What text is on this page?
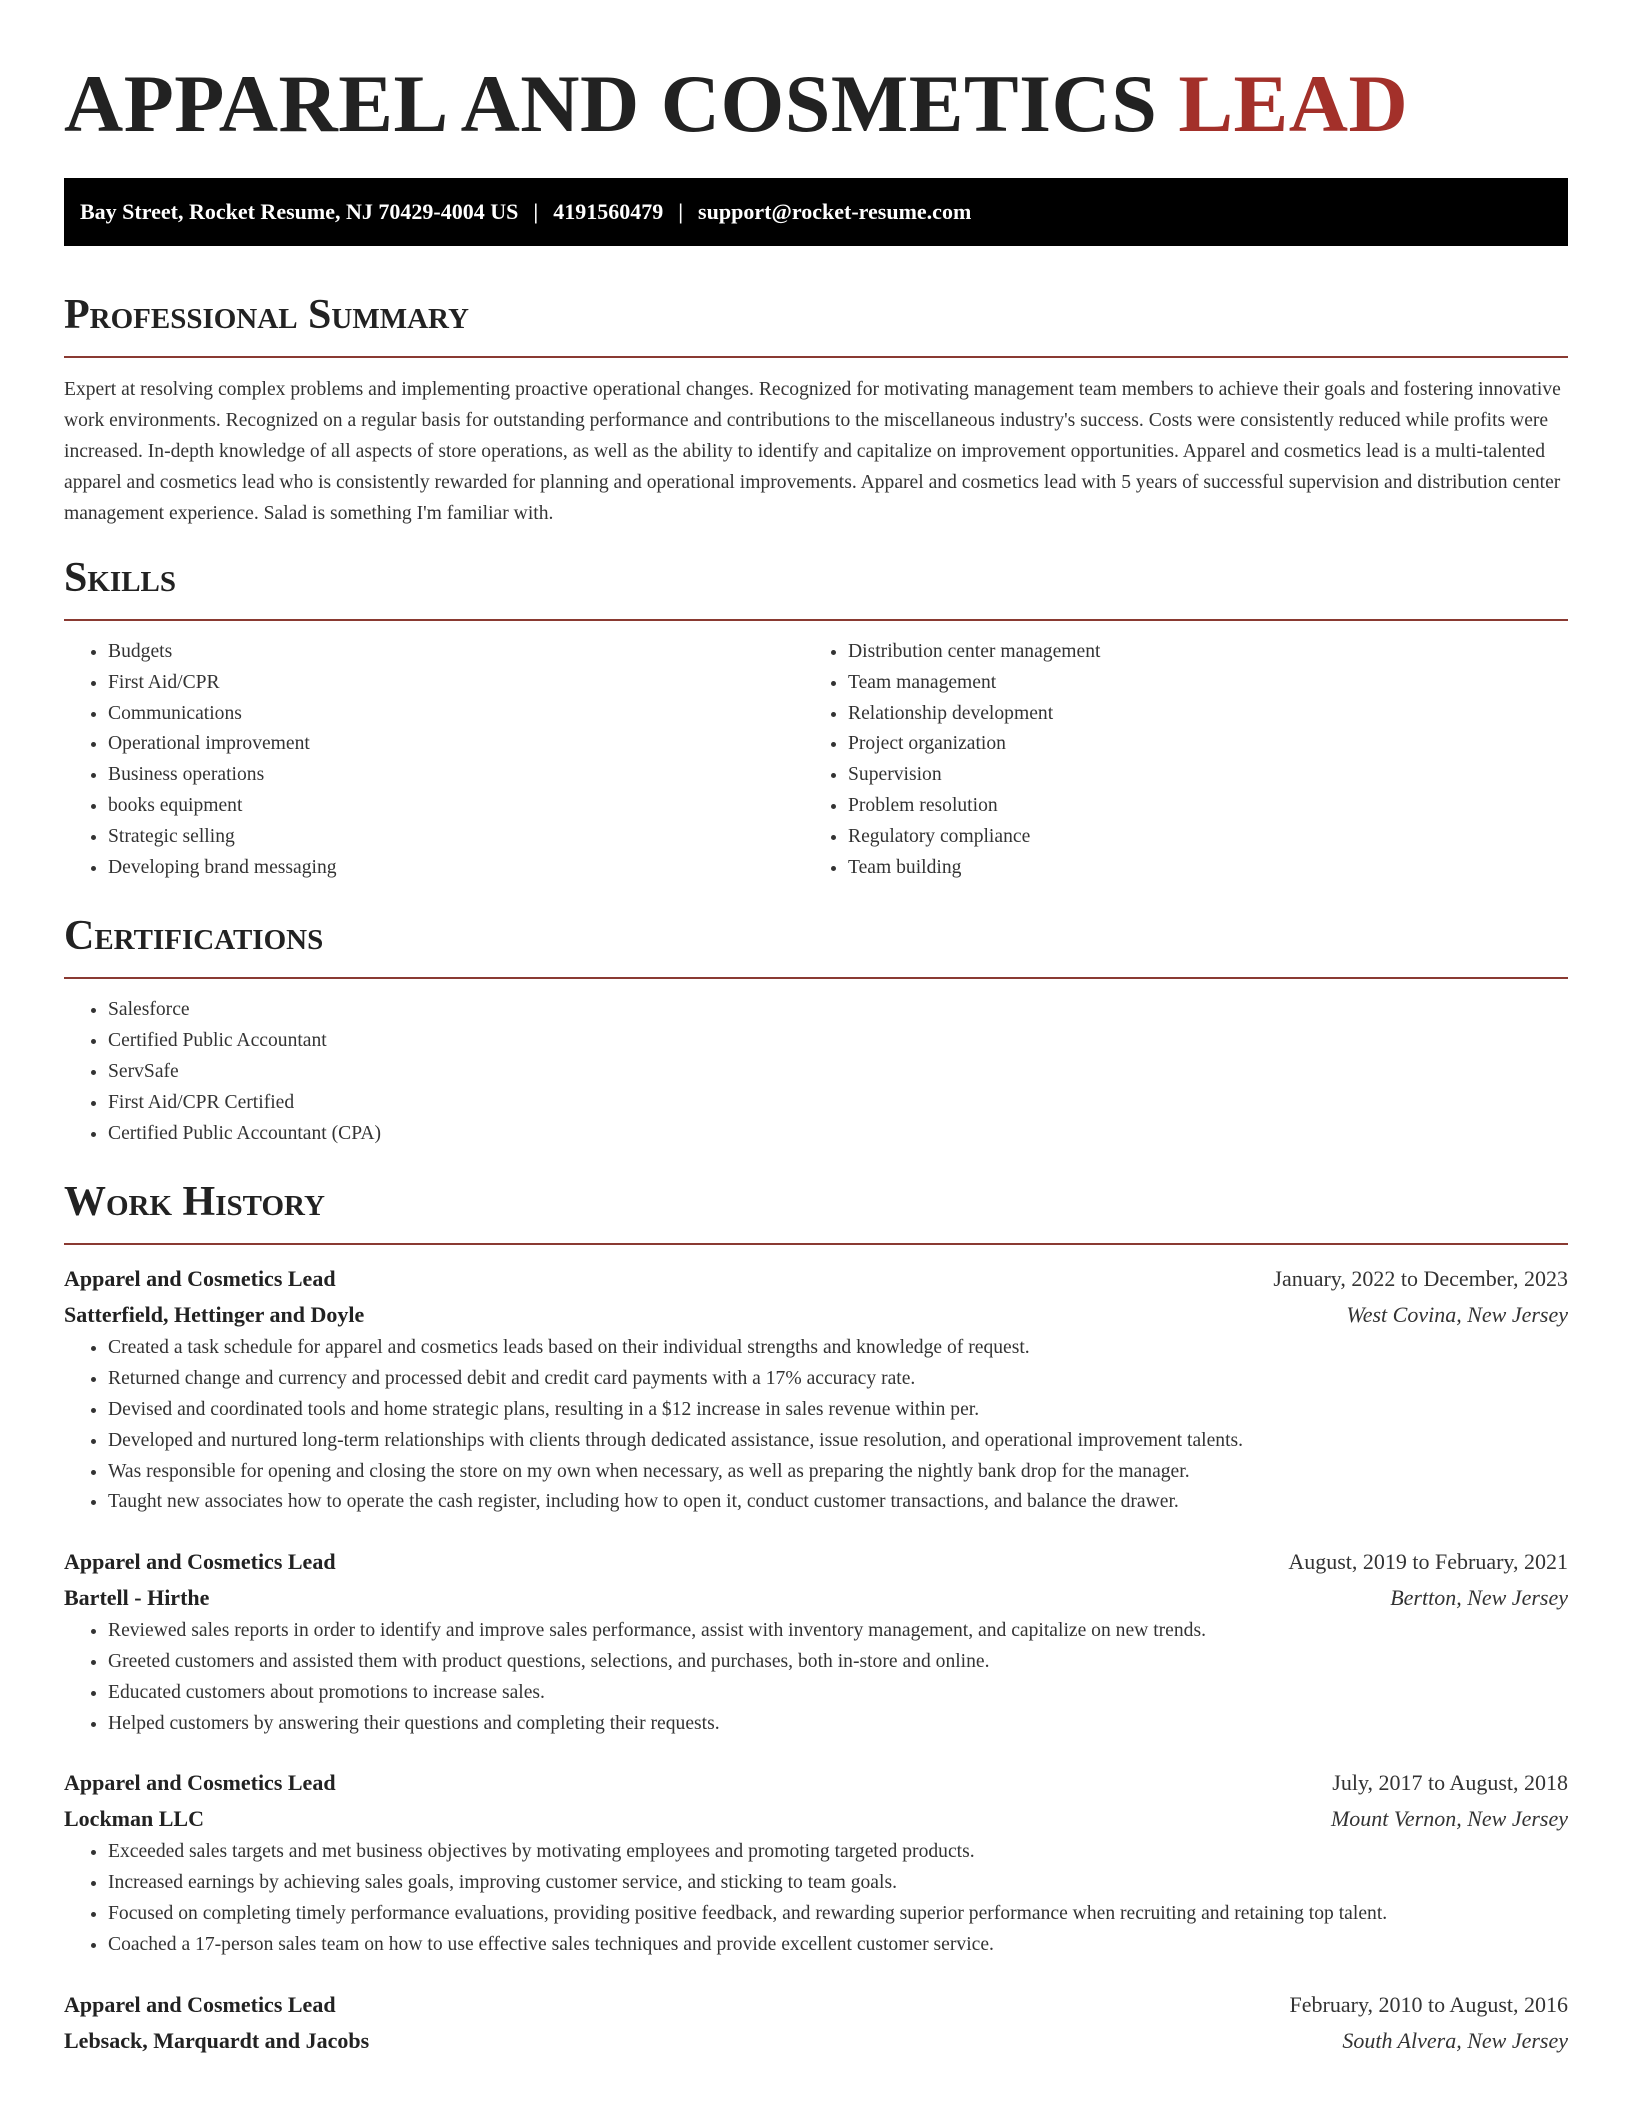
APPAREL AND COSMETICS LEAD
Bay Street, Rocket Resume, NJ 70429-4004 US | 4191560479 | support@rocket-resume.com
Professional Summary

Expert at resolving complex problems and implementing proactive operational changes. Recognized for motivating management team members to achieve their goals and fostering innovative work environments. Recognized on a regular basis for outstanding performance and contributions to the miscellaneous industry's success. Costs were consistently reduced while profits were increased. In-depth knowledge of all aspects of store operations, as well as the ability to identify and capitalize on improvement opportunities. Apparel and cosmetics lead is a multi-talented apparel and cosmetics lead who is consistently rewarded for planning and operational improvements. Apparel and cosmetics lead with 5 years of successful supervision and distribution center management experience. Salad is something I'm familiar with.

Skills
• Budgets
• First Aid/CPR
• Communications
• Operational improvement
• Business operations
• books equipment
• Strategic selling
• Developing brand messaging
• Distribution center management
• Team management
• Relationship development
• Project organization
• Supervision
• Problem resolution
• Regulatory compliance
• Team building
Certifications
• Salesforce
• Certified Public Accountant
• ServSafe
• First Aid/CPR Certified
• Certified Public Accountant (CPA)
Work History
Apparel and Cosmetics Lead	January, 2022 to December, 2023
Satterfield, Hettinger and Doyle	West Covina, New Jersey
• Created a task schedule for apparel and cosmetics leads based on their individual strengths and knowledge of request.
• Returned change and currency and processed debit and credit card payments with a 17% accuracy rate.
• Devised and coordinated tools and home strategic plans, resulting in a $12 increase in sales revenue within per.
• Developed and nurtured long-term relationships with clients through dedicated assistance, issue resolution, and operational improvement talents.
• Was responsible for opening and closing the store on my own when necessary, as well as preparing the nightly bank drop for the manager.
• Taught new associates how to operate the cash register, including how to open it, conduct customer transactions, and balance the drawer.
Apparel and Cosmetics Lead	August, 2019 to February, 2021
Bartell - Hirthe	Bertton, New Jersey
• Reviewed sales reports in order to identify and improve sales performance, assist with inventory management, and capitalize on new trends.
• Greeted customers and assisted them with product questions, selections, and purchases, both in-store and online.
• Educated customers about promotions to increase sales.
• Helped customers by answering their questions and completing their requests.
Apparel and Cosmetics Lead	July, 2017 to August, 2018
Lockman LLC	Mount Vernon, New Jersey
• Exceeded sales targets and met business objectives by motivating employees and promoting targeted products.
• Increased earnings by achieving sales goals, improving customer service, and sticking to team goals.
• Focused on completing timely performance evaluations, providing positive feedback, and rewarding superior performance when recruiting and retaining top talent.
• Coached a 17-person sales team on how to use effective sales techniques and provide excellent customer service.
Apparel and Cosmetics Lead	February, 2010 to August, 2016
Lebsack, Marquardt and Jacobs	South Alvera, New Jersey
